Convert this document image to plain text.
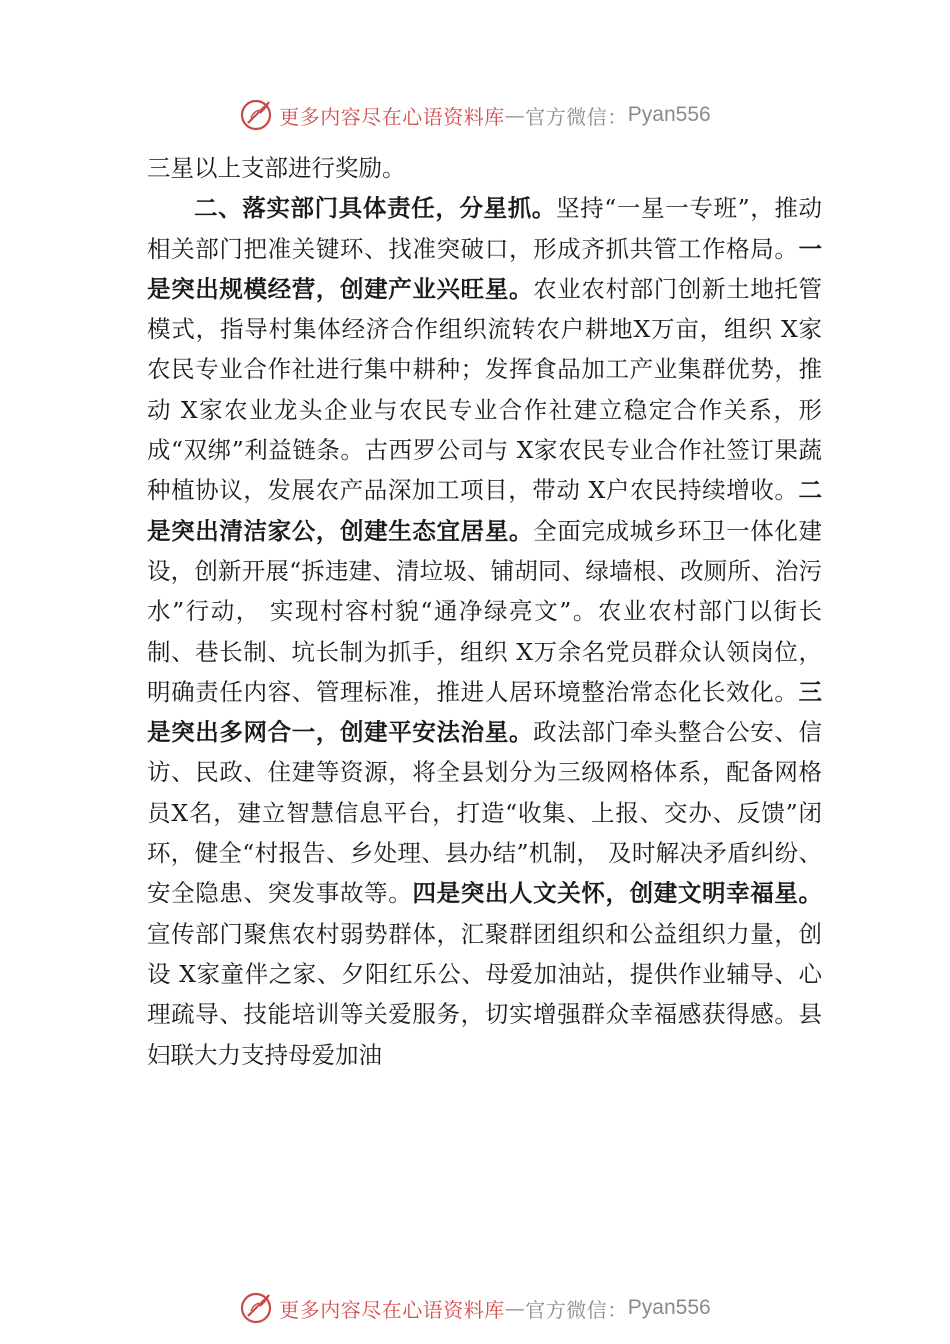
更多内容尽在心语资料库 — 官方微信： Pyan556

三星以上支部进行奖励。

二、落实部门具体责任，分星抓。坚持“一星一专班”，推动相关部门把准关键环、找准突破口，形成齐抓共管工作格局。一是突出规模经营，创建产业兴旺星。农业农村部门创新土地托管模式，指导村集体经济合作组织流转农户耕地X万亩，组织 X家农民专业合作社进行集中耕种；发挥食品加工产业集群优势，推动 X家农业龙头企业与农民专业合作社建立稳定合作关系，形成“双绑”利益链条。古西罗公司与 X家农民专业合作社签订果蔬种植协议，发展农产品深加工项目，带动 X户农民持续增收。二是突出清洁家公，创建生态宜居星。全面完成城乡环卫一体化建设，创新开展“拆违建、清垃圾、铺胡同、绿墙根、改厕所、治污水”行动， 实现村容村貌“通净绿亮文”。农业农村部门以街长制、巷长制、坑长制为抓手，组织 X万余名党员群众认领岗位，明确责任内容、管理标准，推进人居环境整治常态化长效化。三是突出多网合一，创建平安法治星。政法部门牵头整合公安、信访、民政、住建等资源，将全县划分为三级网格体系，配备网格员X名，建立智慧信息平台，打造“收集、上报、交办、反馈”闭环，健全“村报告、乡处理、县办结”机制， 及时解决矛盾纠纷、安全隐患、突发事故等。四是突出人文关怀，创建文明幸福星。宣传部门聚焦农村弱势群体，汇聚群团组织和公益组织力量，创设 X家童伴之家、夕阳红乐公、母爱加油站，提供作业辅导、心理疏导、技能培训等关爱服务，切实增强群众幸福感获得感。县妇联大力支持母爱加油

更多内容尽在心语资料库 — 官方微信： Pyan556
